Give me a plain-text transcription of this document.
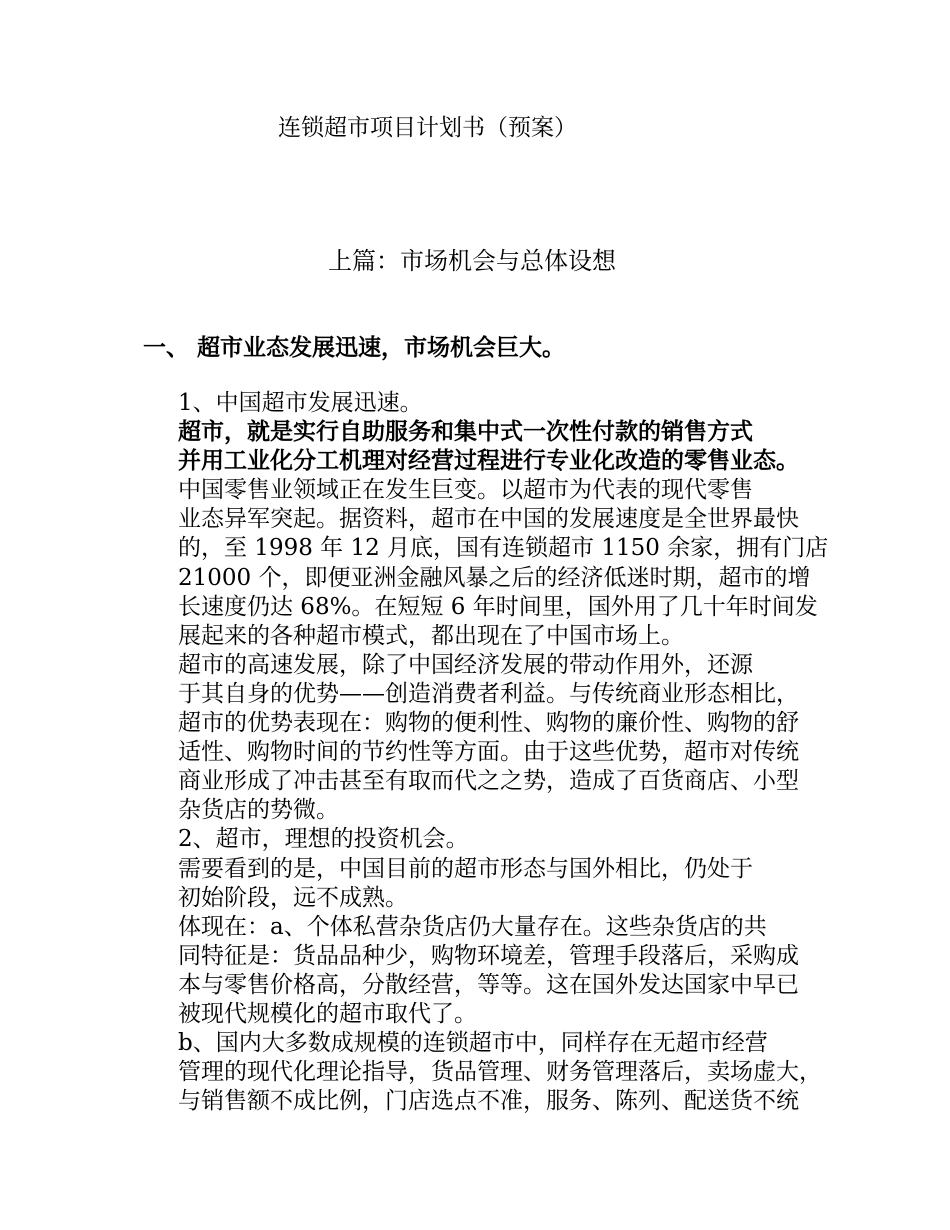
连锁超市项目计划书（预案）
上篇：市场机会与总体设想
一、 超市业态发展迅速，市场机会巨大。

1、中国超市发展迅速。

超市，就是实行自助服务和集中式一次性付款的销售方式
并用工业化分工机理对经营过程进行专业化改造的零售业态。

中国零售业领域正在发生巨变。以超市为代表的现代零售
业态异军突起。据资料，超市在中国的发展速度是全世界最快
的，至 1998 年 12 月底，国有连锁超市 1150 余家，拥有门店
21000 个，即便亚洲金融风暴之后的经济低迷时期，超市的增
长速度仍达 68%。在短短 6 年时间里，国外用了几十年时间发
展起来的各种超市模式，都出现在了中国市场上。

超市的高速发展，除了中国经济发展的带动作用外，还源
于其自身的优势——创造消费者利益。与传统商业形态相比，
超市的优势表现在：购物的便利性、购物的廉价性、购物的舒
适性、购物时间的节约性等方面。由于这些优势，超市对传统
商业形成了冲击甚至有取而代之之势，造成了百货商店、小型
杂货店的势微。

2、超市，理想的投资机会。

需要看到的是，中国目前的超市形态与国外相比，仍处于
初始阶段，远不成熟。

体现在：a、个体私营杂货店仍大量存在。这些杂货店的共
同特征是：货品品种少，购物环境差，管理手段落后，采购成
本与零售价格高，分散经营，等等。这在国外发达国家中早已
被现代规模化的超市取代了。

b、国内大多数成规模的连锁超市中，同样存在无超市经营
管理的现代化理论指导，货品管理、财务管理落后，卖场虚大，
与销售额不成比例，门店选点不准，服务、陈列、配送货不统
